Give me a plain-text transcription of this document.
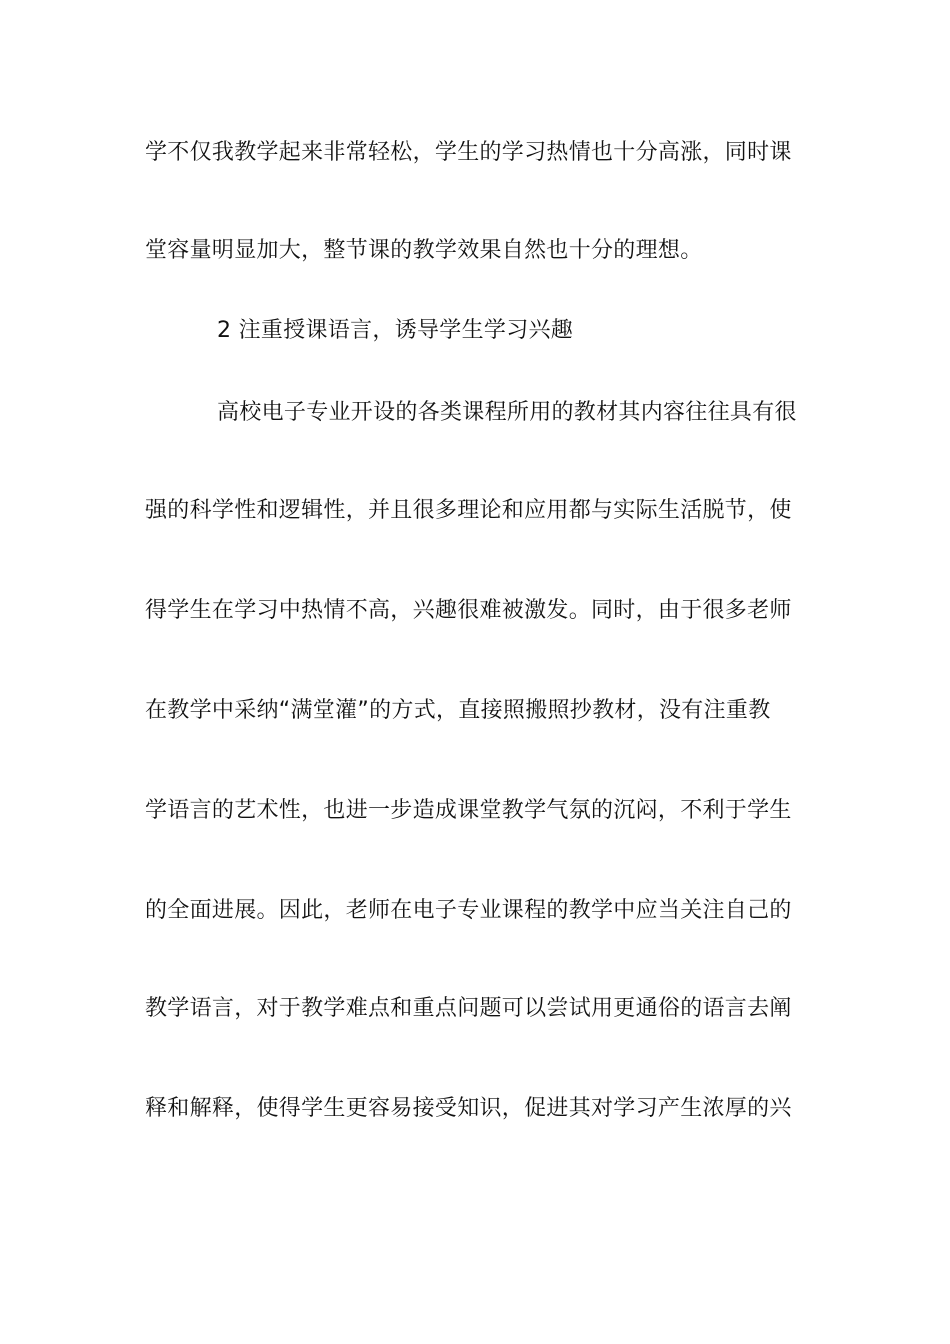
学不仅我教学起来非常轻松，学生的学习热情也十分高涨，同时课
堂容量明显加大，整节课的教学效果自然也十分的理想。
2 注重授课语言，诱导学生学习兴趣
高校电子专业开设的各类课程所用的教材其内容往往具有很
强的科学性和逻辑性，并且很多理论和应用都与实际生活脱节，使
得学生在学习中热情不高，兴趣很难被激发。同时，由于很多老师
在教学中采纳“满堂灌”的方式，直接照搬照抄教材，没有注重教
学语言的艺术性，也进一步造成课堂教学气氛的沉闷，不利于学生
的全面进展。因此，老师在电子专业课程的教学中应当关注自己的
教学语言，对于教学难点和重点问题可以尝试用更通俗的语言去阐
释和解释，使得学生更容易接受知识，促进其对学习产生浓厚的兴
